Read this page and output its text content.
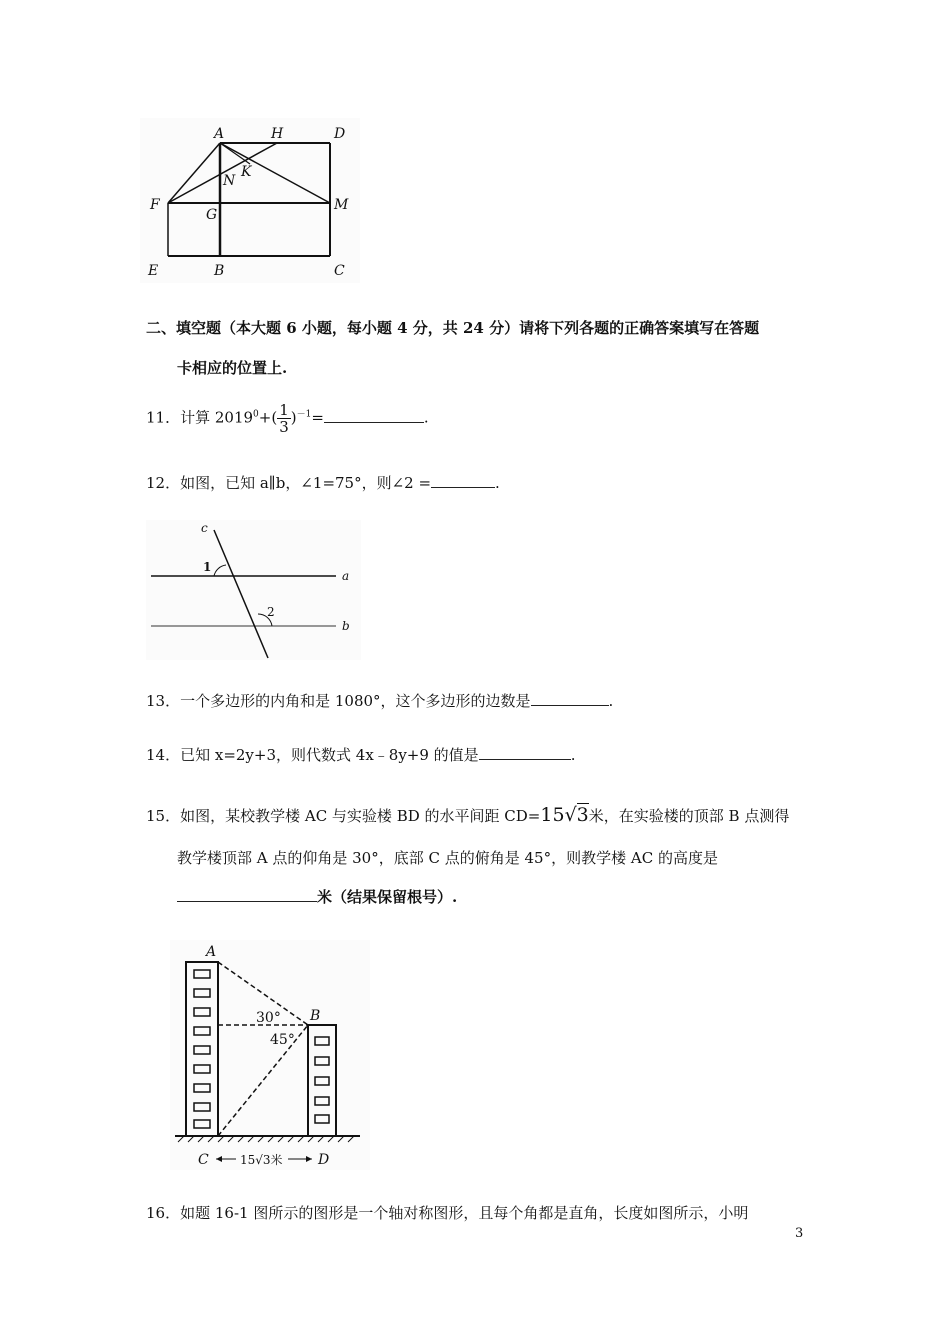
A	H	D
K
N
F
G
M
E	B	C
二、填空题（本大题 6 小题，每小题 4 分，共 24 分）请将下列各题的正确答案填写在答题
卡相应的位置上.
11．计算 $2019^0+( \frac{1}{3} )^{-1}=$	.
12．如图，已知 a∥b，∠1=75°，则∠2 =	.
c
1
a
2
b
13．一个多边形的内角和是 1080°，这个多边形的边数是	.
14．已知 x=2y+3，则代数式 4x﹣8y+9 的值是	.
15．如图，某校教学楼 AC 与实验楼 BD 的水平间距 CD=15√3米，在实验楼的顶部 B 点测得
教学楼顶部 A 点的仰角是 30°，底部 C 点的俯角是 45°，则教学楼 AC 的高度是
米（结果保留根号）.
A
B
30°
45°
C	D
15√3米
16．如题 16-1 图所示的图形是一个轴对称图形，且每个角都是直角，长度如图所示，小明
3
